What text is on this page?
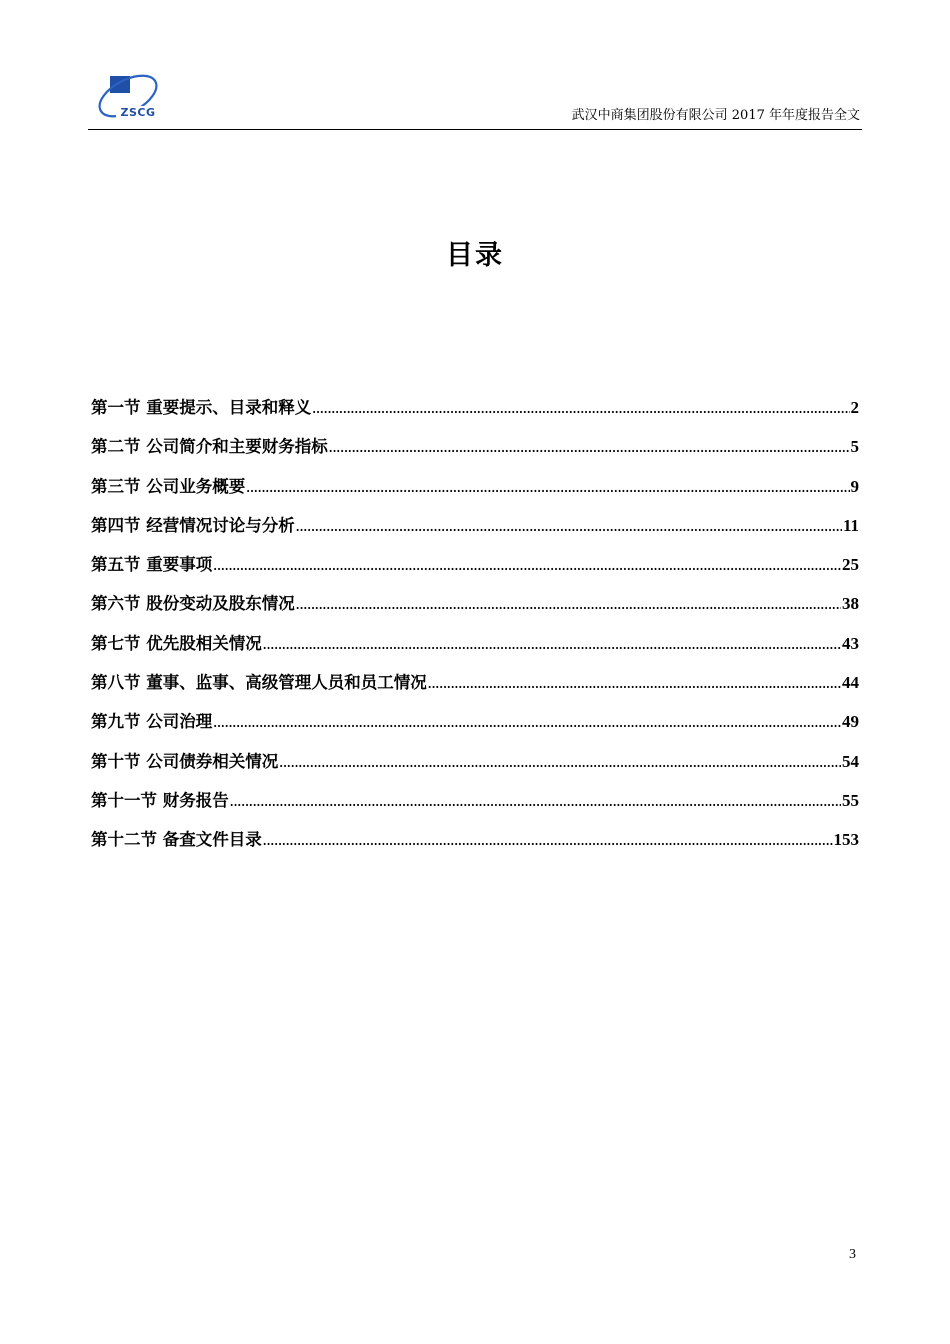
ZSCG	武汉中商集团股份有限公司 2017 年年度报告全文
目录
第一节 重要提示、目录和释义 .....	2
第二节 公司简介和主要财务指标 .....	5
第三节 公司业务概要 .....	9
第四节 经营情况讨论与分析 .....	11
第五节 重要事项 .....	25
第六节 股份变动及股东情况 .....	38
第七节 优先股相关情况 .....	43
第八节 董事、监事、高级管理人员和员工情况 .....	44
第九节 公司治理 .....	49
第十节 公司债券相关情况 .....	54
第十一节 财务报告 .....	55
第十二节 备查文件目录 .....	153
3
